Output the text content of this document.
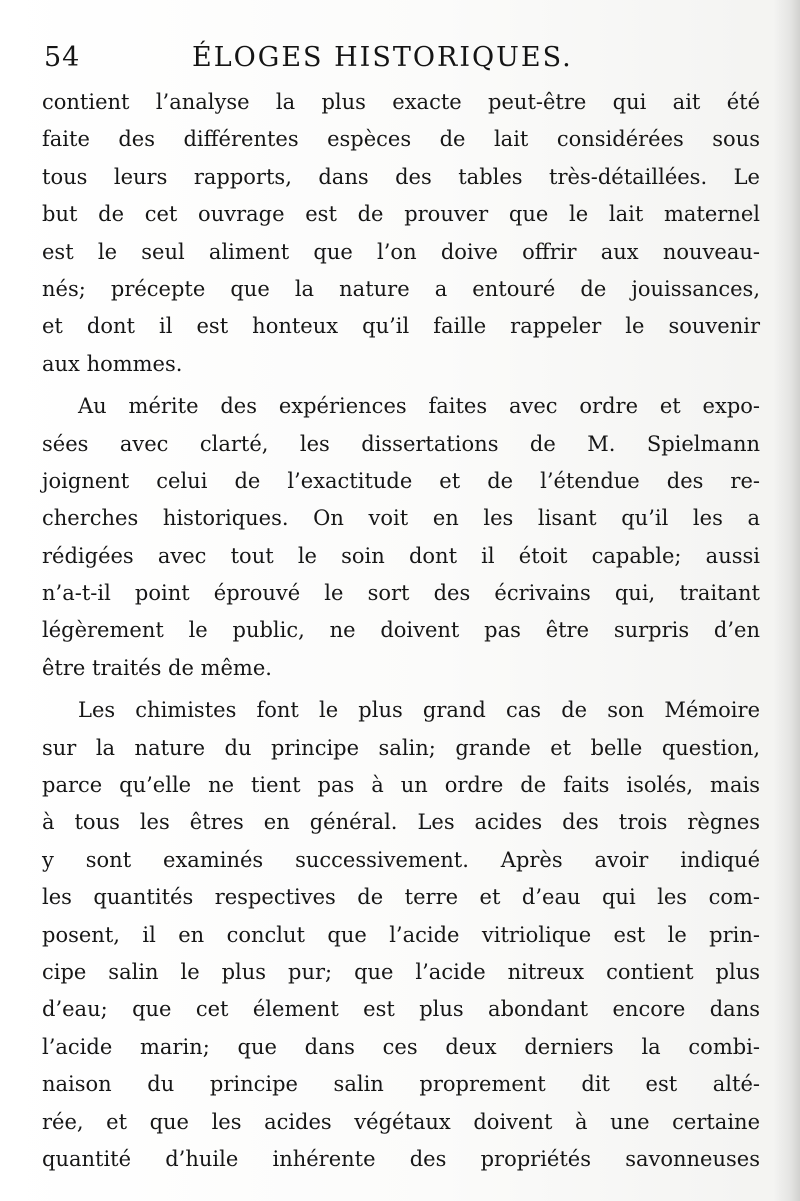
54	ÉLOGES HISTORIQUES.
contient l’analyse la plus exacte peut-être qui ait été
faite des différentes espèces de lait considérées sous
tous leurs rapports, dans des tables très-détaillées. Le
but de cet ouvrage est de prouver que le lait maternel
est le seul aliment que l’on doive offrir aux nouveau-
nés; précepte que la nature a entouré de jouissances,
et dont il est honteux qu’il faille rappeler le souvenir
aux hommes.
Au mérite des expériences faites avec ordre et expo-
sées avec clarté, les dissertations de M. Spielmann
joignent celui de l’exactitude et de l’étendue des re-
cherches historiques. On voit en les lisant qu’il les a
rédigées avec tout le soin dont il étoit capable; aussi
n’a-t-il point éprouvé le sort des écrivains qui, traitant
légèrement le public, ne doivent pas être surpris d’en
être traités de même.
Les chimistes font le plus grand cas de son Mémoire
sur la nature du principe salin; grande et belle question,
parce qu’elle ne tient pas à un ordre de faits isolés, mais
à tous les êtres en général. Les acides des trois règnes
y sont examinés successivement. Après avoir indiqué
les quantités respectives de terre et d’eau qui les com-
posent, il en conclut que l’acide vitriolique est le prin-
cipe salin le plus pur; que l’acide nitreux contient plus
d’eau; que cet élement est plus abondant encore dans
l’acide marin; que dans ces deux derniers la combi-
naison du principe salin proprement dit est alté-
rée, et que les acides végétaux doivent à une certaine
quantité d’huile inhérente des propriétés savonneuses
